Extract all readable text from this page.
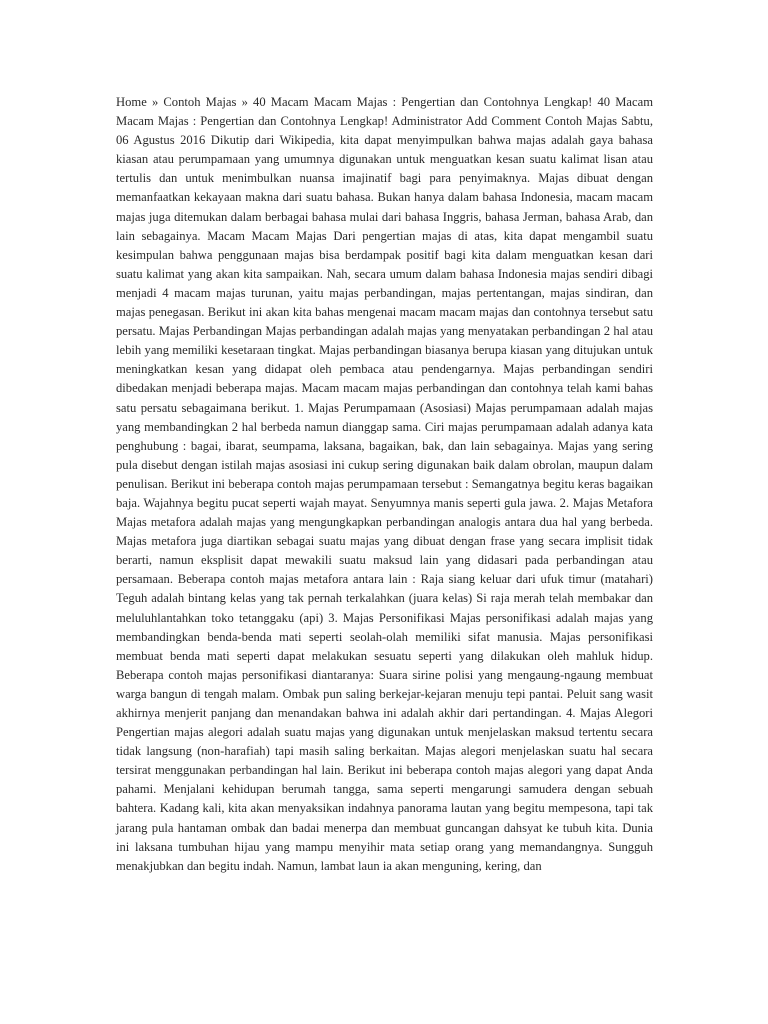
Home » Contoh Majas » 40 Macam Macam Majas : Pengertian dan Contohnya Lengkap! 40 Macam Macam Majas : Pengertian dan Contohnya Lengkap! Administrator Add Comment Contoh Majas Sabtu, 06 Agustus 2016 Dikutip dari Wikipedia, kita dapat menyimpulkan bahwa majas adalah gaya bahasa kiasan atau perumpamaan yang umumnya digunakan untuk menguatkan kesan suatu kalimat lisan atau tertulis dan untuk menimbulkan nuansa imajinatif bagi para penyimaknya. Majas dibuat dengan memanfaatkan kekayaan makna dari suatu bahasa. Bukan hanya dalam bahasa Indonesia, macam macam majas juga ditemukan dalam berbagai bahasa mulai dari bahasa Inggris, bahasa Jerman, bahasa Arab, dan lain sebagainya. Macam Macam Majas Dari pengertian majas di atas, kita dapat mengambil suatu kesimpulan bahwa penggunaan majas bisa berdampak positif bagi kita dalam menguatkan kesan dari suatu kalimat yang akan kita sampaikan. Nah, secara umum dalam bahasa Indonesia majas sendiri dibagi menjadi 4 macam majas turunan, yaitu majas perbandingan, majas pertentangan, majas sindiran, dan majas penegasan. Berikut ini akan kita bahas mengenai macam macam majas dan contohnya tersebut satu persatu. Majas Perbandingan Majas perbandingan adalah majas yang menyatakan perbandingan 2 hal atau lebih yang memiliki kesetaraan tingkat. Majas perbandingan biasanya berupa kiasan yang ditujukan untuk meningkatkan kesan yang didapat oleh pembaca atau pendengarnya. Majas perbandingan sendiri dibedakan menjadi beberapa majas. Macam macam majas perbandingan dan contohnya telah kami bahas satu persatu sebagaimana berikut. 1. Majas Perumpamaan (Asosiasi) Majas perumpamaan adalah majas yang membandingkan 2 hal berbeda namun dianggap sama. Ciri majas perumpamaan adalah adanya kata penghubung : bagai, ibarat, seumpama, laksana, bagaikan, bak, dan lain sebagainya. Majas yang sering pula disebut dengan istilah majas asosiasi ini cukup sering digunakan baik dalam obrolan, maupun dalam penulisan. Berikut ini beberapa contoh majas perumpamaan tersebut : Semangatnya begitu keras bagaikan baja. Wajahnya begitu pucat seperti wajah mayat. Senyumnya manis seperti gula jawa. 2. Majas Metafora Majas metafora adalah majas yang mengungkapkan perbandingan analogis antara dua hal yang berbeda. Majas metafora juga diartikan sebagai suatu majas yang dibuat dengan frase yang secara implisit tidak berarti, namun eksplisit dapat mewakili suatu maksud lain yang didasari pada perbandingan atau persamaan. Beberapa contoh majas metafora antara lain : Raja siang keluar dari ufuk timur (matahari) Teguh adalah bintang kelas yang tak pernah terkalahkan (juara kelas) Si raja merah telah membakar dan meluluhlantahkan toko tetanggaku (api) 3. Majas Personifikasi Majas personifikasi adalah majas yang membandingkan benda-benda mati seperti seolah-olah memiliki sifat manusia. Majas personifikasi membuat benda mati seperti dapat melakukan sesuatu seperti yang dilakukan oleh mahluk hidup. Beberapa contoh majas personifikasi diantaranya: Suara sirine polisi yang mengaung-ngaung membuat warga bangun di tengah malam. Ombak pun saling berkejar-kejaran menuju tepi pantai. Peluit sang wasit akhirnya menjerit panjang dan menandakan bahwa ini adalah akhir dari pertandingan. 4. Majas Alegori Pengertian majas alegori adalah suatu majas yang digunakan untuk menjelaskan maksud tertentu secara tidak langsung (non-harafiah) tapi masih saling berkaitan. Majas alegori menjelaskan suatu hal secara tersirat menggunakan perbandingan hal lain. Berikut ini beberapa contoh majas alegori yang dapat Anda pahami. Menjalani kehidupan berumah tangga, sama seperti mengarungi samudera dengan sebuah bahtera. Kadang kali, kita akan menyaksikan indahnya panorama lautan yang begitu mempesona, tapi tak jarang pula hantaman ombak dan badai menerpa dan membuat guncangan dahsyat ke tubuh kita. Dunia ini laksana tumbuhan hijau yang mampu menyihir mata setiap orang yang memandangnya. Sungguh menakjubkan dan begitu indah. Namun, lambat laun ia akan menguning, kering, dan
